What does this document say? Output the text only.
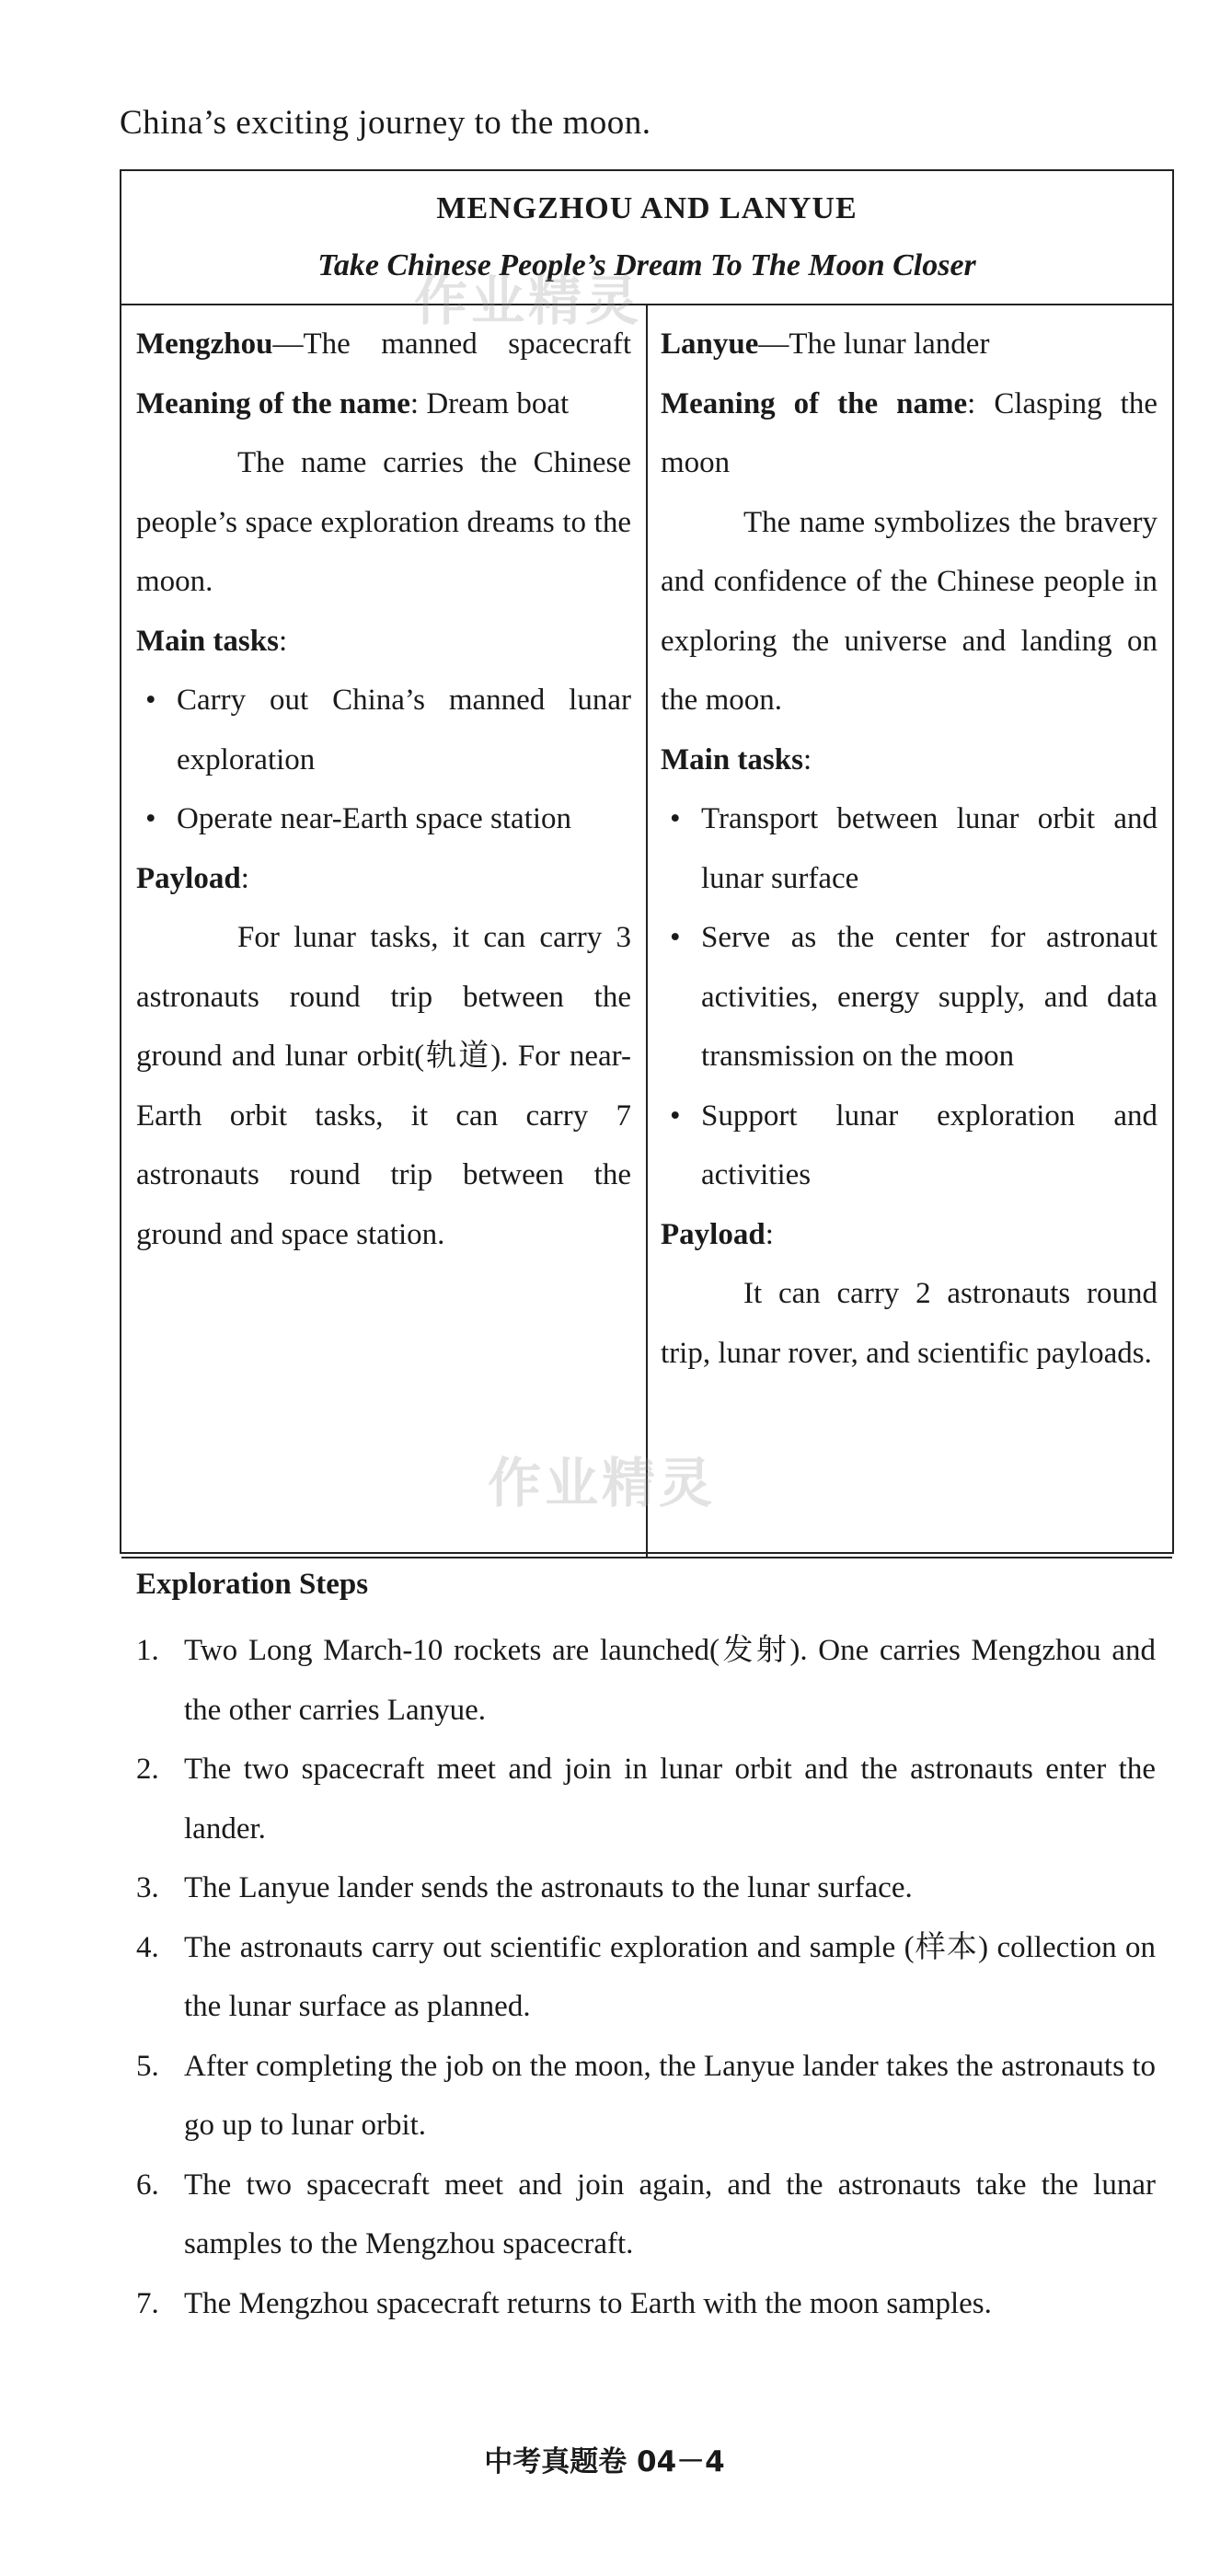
China’s exciting journey to the moon.
MENGZHOU AND LANYUE
Take Chinese People’s Dream To The Moon Closer

Mengzhou—The manned spacecraft

Meaning of the name: Dream boat

The name carries the Chinese people’s space exploration dreams to the moon.

Main tasks:

• Carry out China’s manned lunar exploration
• Operate near-Earth space station

Payload:

For lunar tasks, it can carry 3 astronauts round trip between the ground and lunar orbit(轨道). For near-Earth orbit tasks, it can carry 7 astronauts round trip between the ground and space station.

Lanyue—The lunar lander

Meaning of the name: Clasping the moon

The name symbolizes the bravery and confidence of the Chinese people in exploring the universe and landing on the moon.

Main tasks:

• Transport between lunar orbit and lunar surface
• Serve as the center for astronaut activities, energy supply, and data transmission on the moon
• Support lunar exploration and activities

Payload:

It can carry 2 astronauts round trip, lunar rover, and scientific payloads.

Exploration Steps
1. Two Long March-10 rockets are launched(发射). One carries Mengzhou and the other carries Lanyue.
2. The two spacecraft meet and join in lunar orbit and the astronauts enter the lander.
3. The Lanyue lander sends the astronauts to the lunar surface.
4. The astronauts carry out scientific exploration and sample (样本) collection on the lunar surface as planned.
5. After completing the job on the moon, the Lanyue lander takes the astronauts to go up to lunar orbit.
6. The two spacecraft meet and join again, and the astronauts take the lunar samples to the Mengzhou spacecraft.
7. The Mengzhou spacecraft returns to Earth with the moon samples.
作业精灵
作业精灵
中考真题卷 04－4
